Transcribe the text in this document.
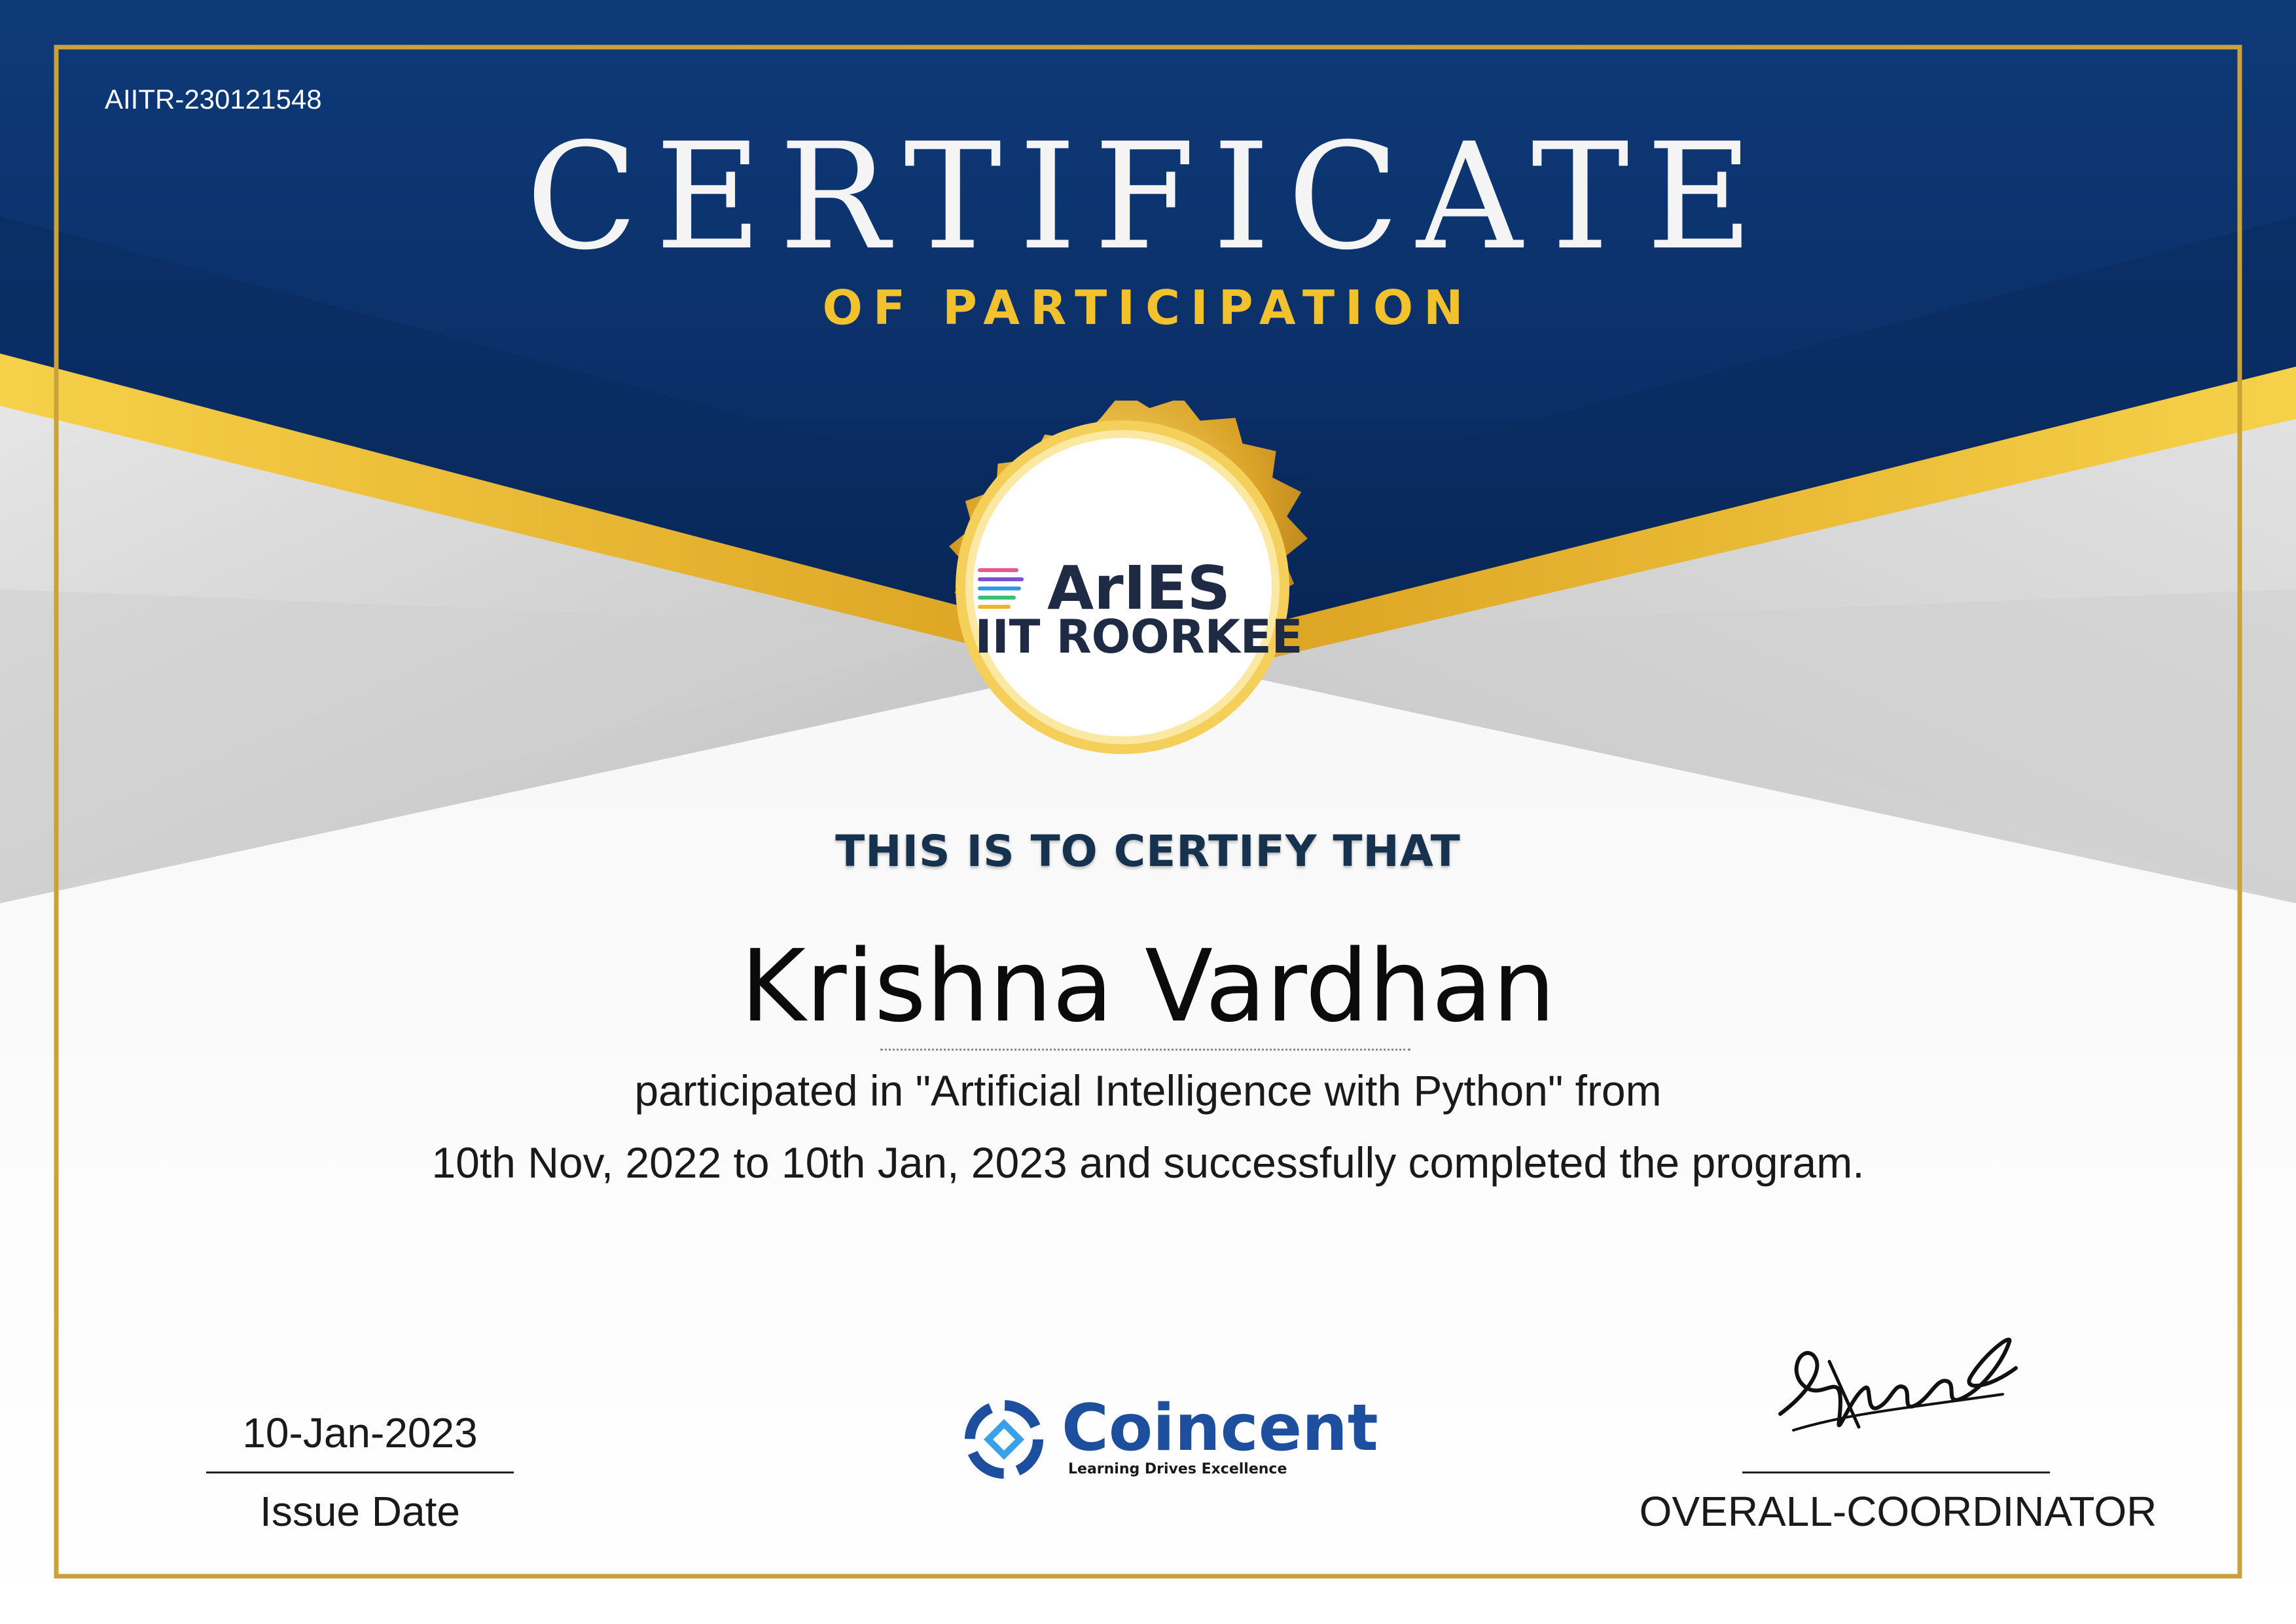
AIITR-230121548
CERTIFICATE
OF PARTICIPATION
ArIES
IIT ROORKEE
THIS IS TO CERTIFY THAT
Krishna Vardhan
participated in "Artificial Intelligence with Python" from
10th Nov, 2022 to 10th Jan, 2023 and successfully completed the program.
10-Jan-2023
Issue Date
Coincent
Learning Drives Excellence
OVERALL-COORDINATOR
